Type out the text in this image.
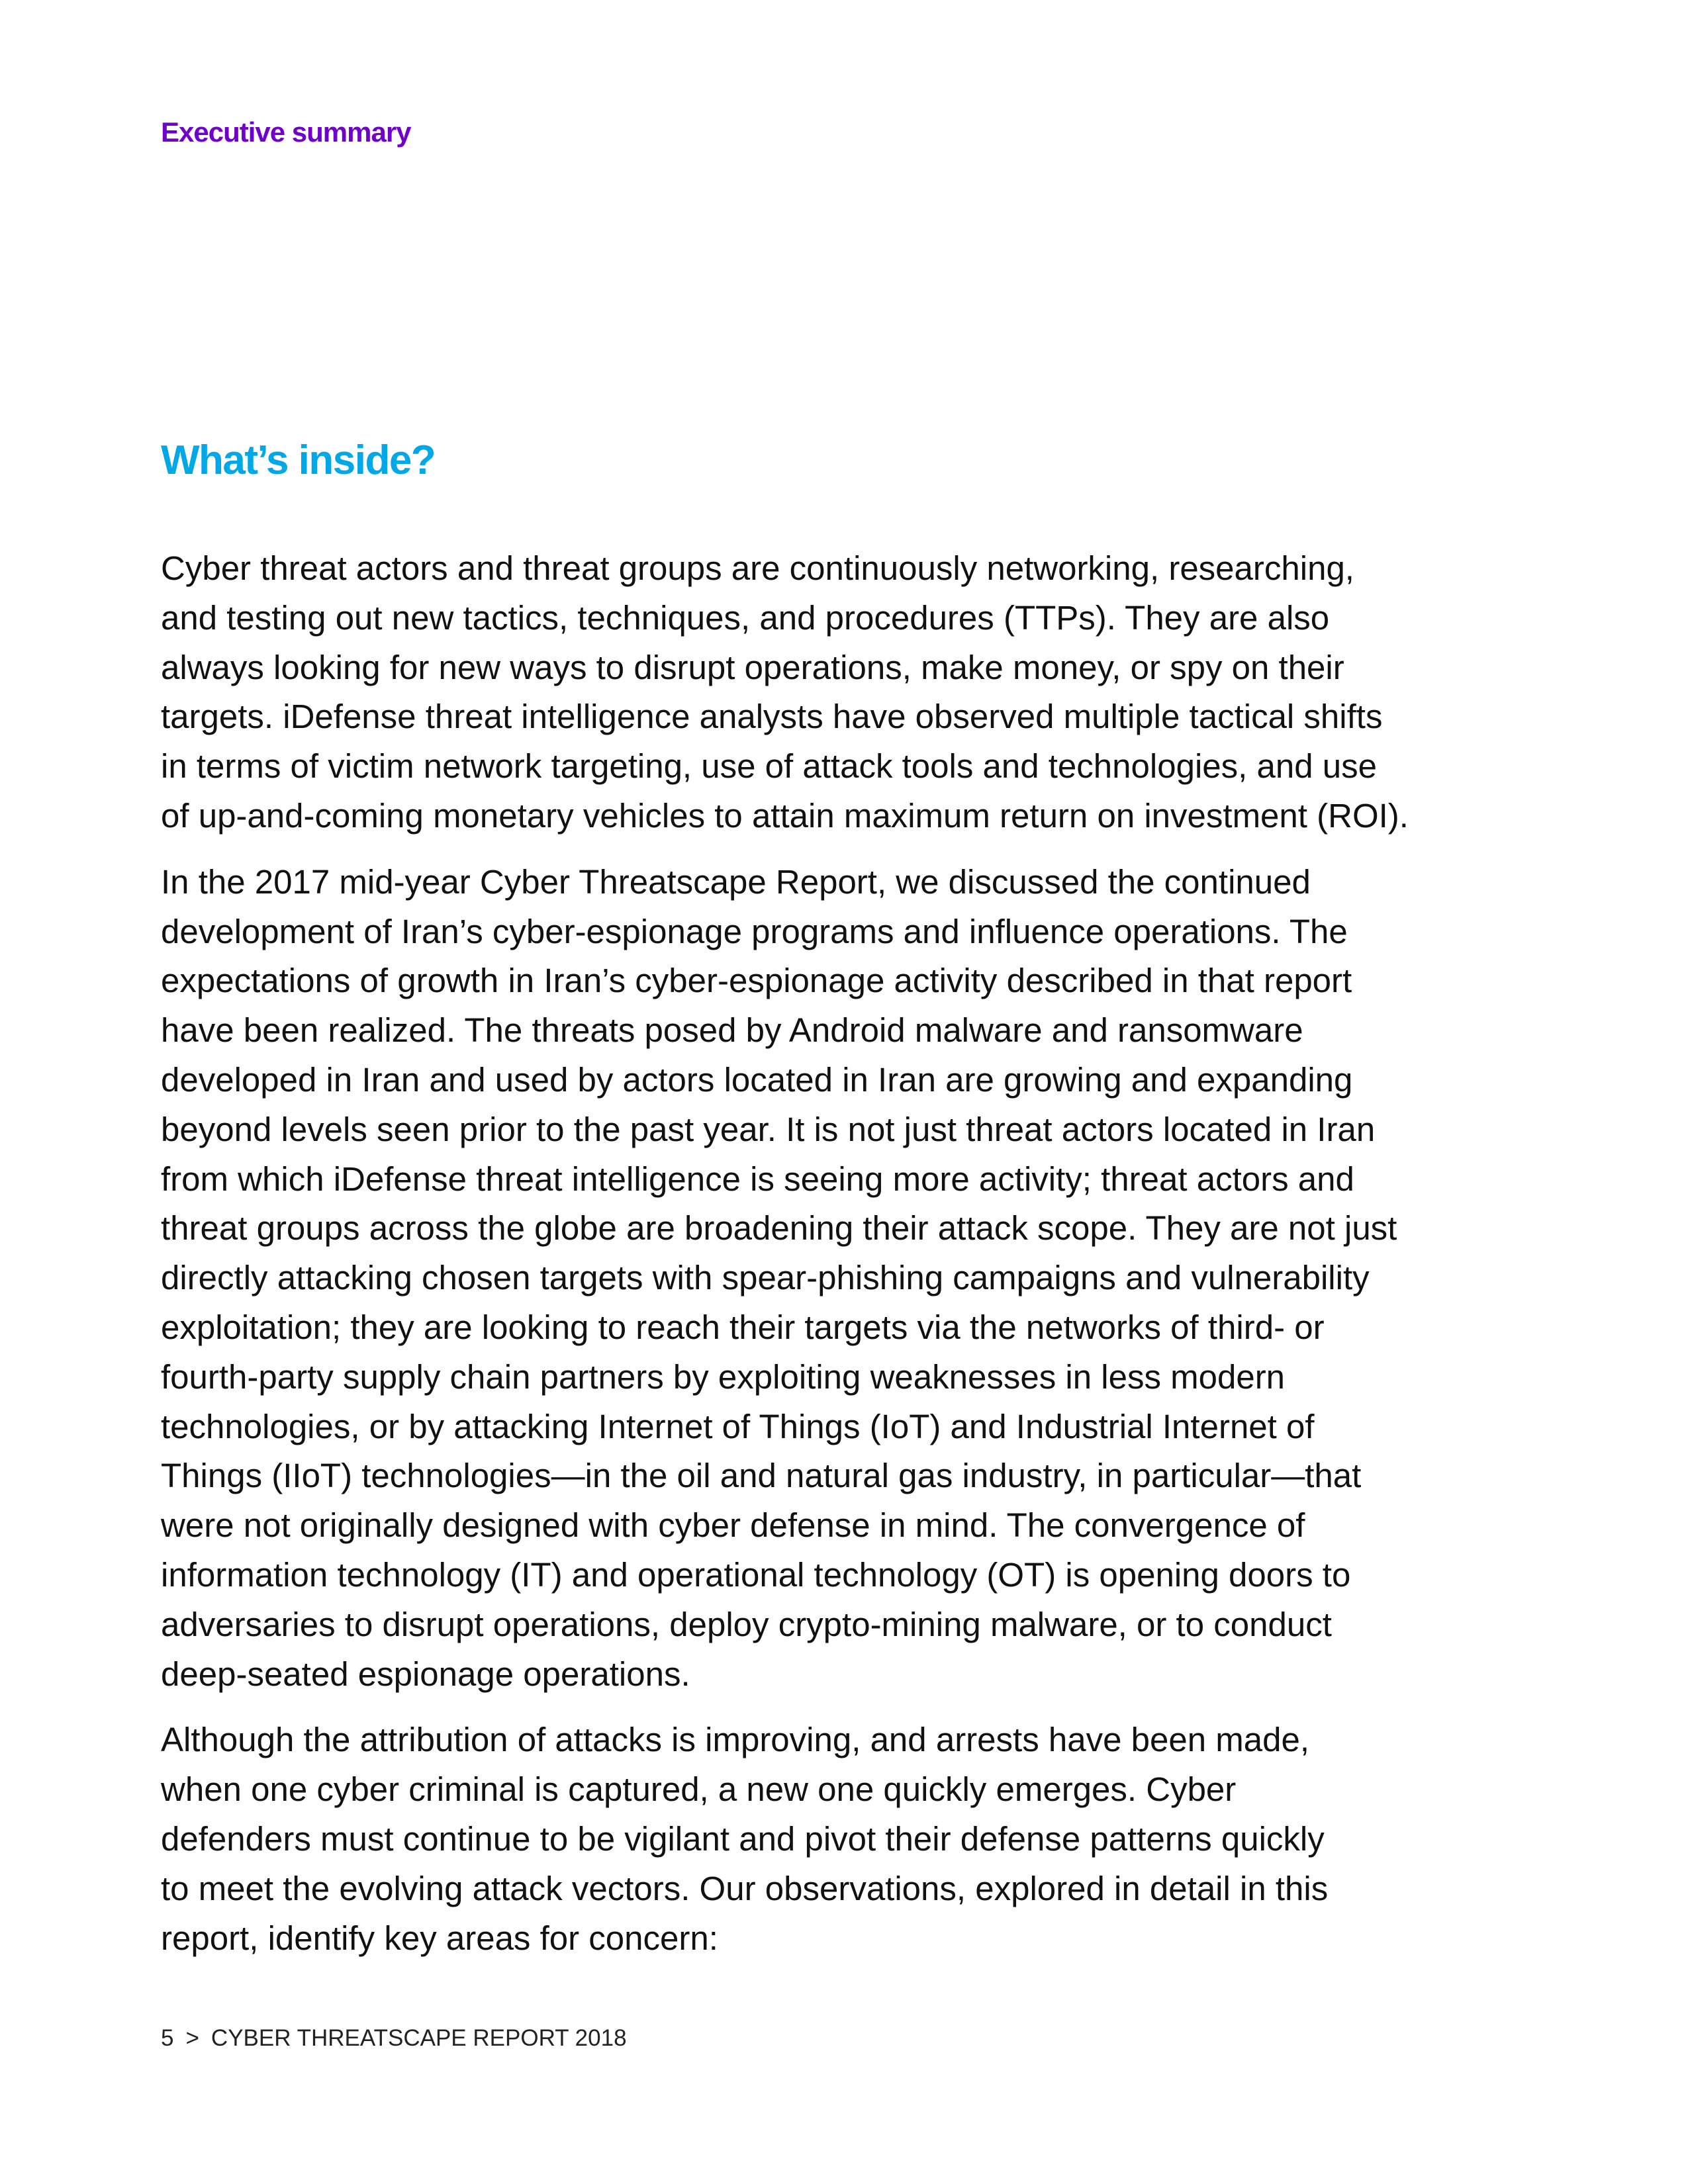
Executive summary
What’s inside?
Cyber threat actors and threat groups are continuously networking, researching,
and testing out new tactics, techniques, and procedures (TTPs). They are also
always looking for new ways to disrupt operations, make money, or spy on their
targets. iDefense threat intelligence analysts have observed multiple tactical shifts
in terms of victim network targeting, use of attack tools and technologies, and use
of up-and-coming monetary vehicles to attain maximum return on investment (ROI).
In the 2017 mid-year Cyber Threatscape Report, we discussed the continued
development of Iran’s cyber-espionage programs and influence operations. The
expectations of growth in Iran’s cyber-espionage activity described in that report
have been realized. The threats posed by Android malware and ransomware
developed in Iran and used by actors located in Iran are growing and expanding
beyond levels seen prior to the past year. It is not just threat actors located in Iran
from which iDefense threat intelligence is seeing more activity; threat actors and
threat groups across the globe are broadening their attack scope. They are not just
directly attacking chosen targets with spear-phishing campaigns and vulnerability
exploitation; they are looking to reach their targets via the networks of third- or
fourth-party supply chain partners by exploiting weaknesses in less modern
technologies, or by attacking Internet of Things (IoT) and Industrial Internet of
Things (IIoT) technologies—in the oil and natural gas industry, in particular—that
were not originally designed with cyber defense in mind. The convergence of
information technology (IT) and operational technology (OT) is opening doors to
adversaries to disrupt operations, deploy crypto-mining malware, or to conduct
deep-seated espionage operations.
Although the attribution of attacks is improving, and arrests have been made,
when one cyber criminal is captured, a new one quickly emerges. Cyber
defenders must continue to be vigilant and pivot their defense patterns quickly
to meet the evolving attack vectors. Our observations, explored in detail in this
report, identify key areas for concern:
5 > CYBER THREATSCAPE REPORT 2018
